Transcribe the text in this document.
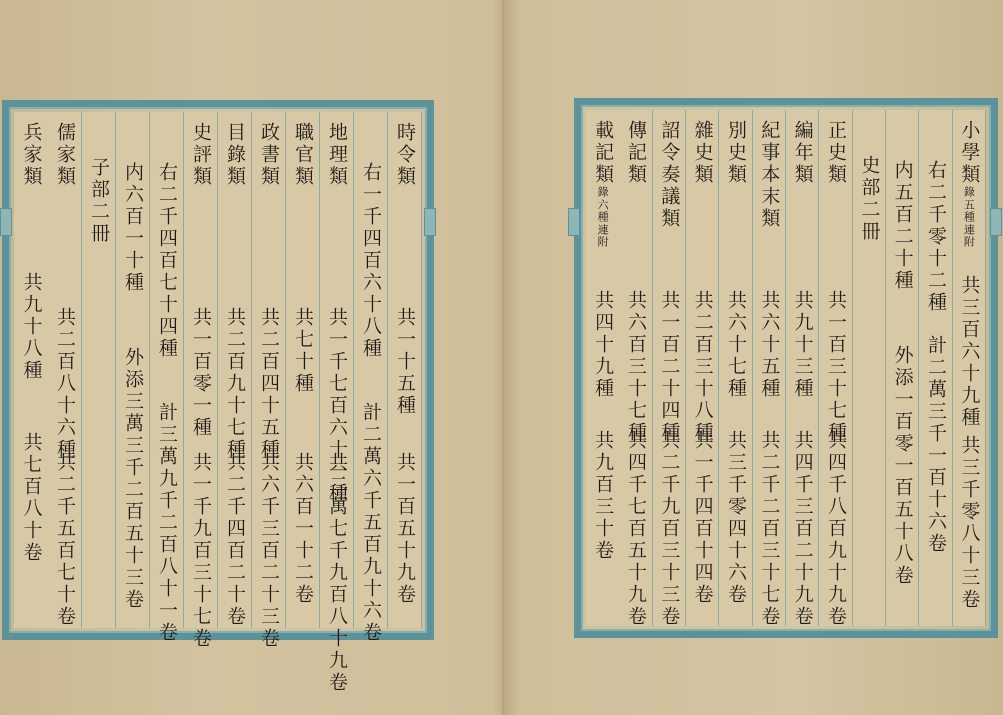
時令類
共一十五種
共一百五十九卷
右一千四百六十八種
計二萬六千五百九十六卷
地理類
共一千七百六十一種
共二萬七千九百八十九卷
職官類
共七十種
共六百一十二卷
政書類
共二百四十五種
共六千三百二十三卷
目錄類
共二百九十七種
共二千四百二十卷
史評類
共一百零一種
共一千九百三十七卷
右二千四百七十四種
計三萬九千二百八十一卷
内六百一十種
外添三萬三千二百五十三卷
子部二冊
儒家類
共二百八十六種
共二千五百七十卷
兵家類
共九十八種
共七百八十卷
小學類
連附
五種
錄
共三百六十九種
共三千零八十三卷
右二千零十二種
計二萬三千一百十六卷
内五百二十種
外添一百零一百五十八卷
史部二冊
正史類
共一百三十七種
共四千八百九十九卷
編年類
共九十三種
共四千三百二十九卷
紀事本末類
共六十五種
共二千二百三十七卷
別史類
共六十七種
共三千零四十六卷
雜史類
共二百三十八種
共一千四百十四卷
詔令奏議類
共一百二十四種
共二千九百三十三卷
傳記類
共六百三十七種
共四千七百五十九卷
載記類
連附
六種
錄
共四十九種
共九百三十卷
